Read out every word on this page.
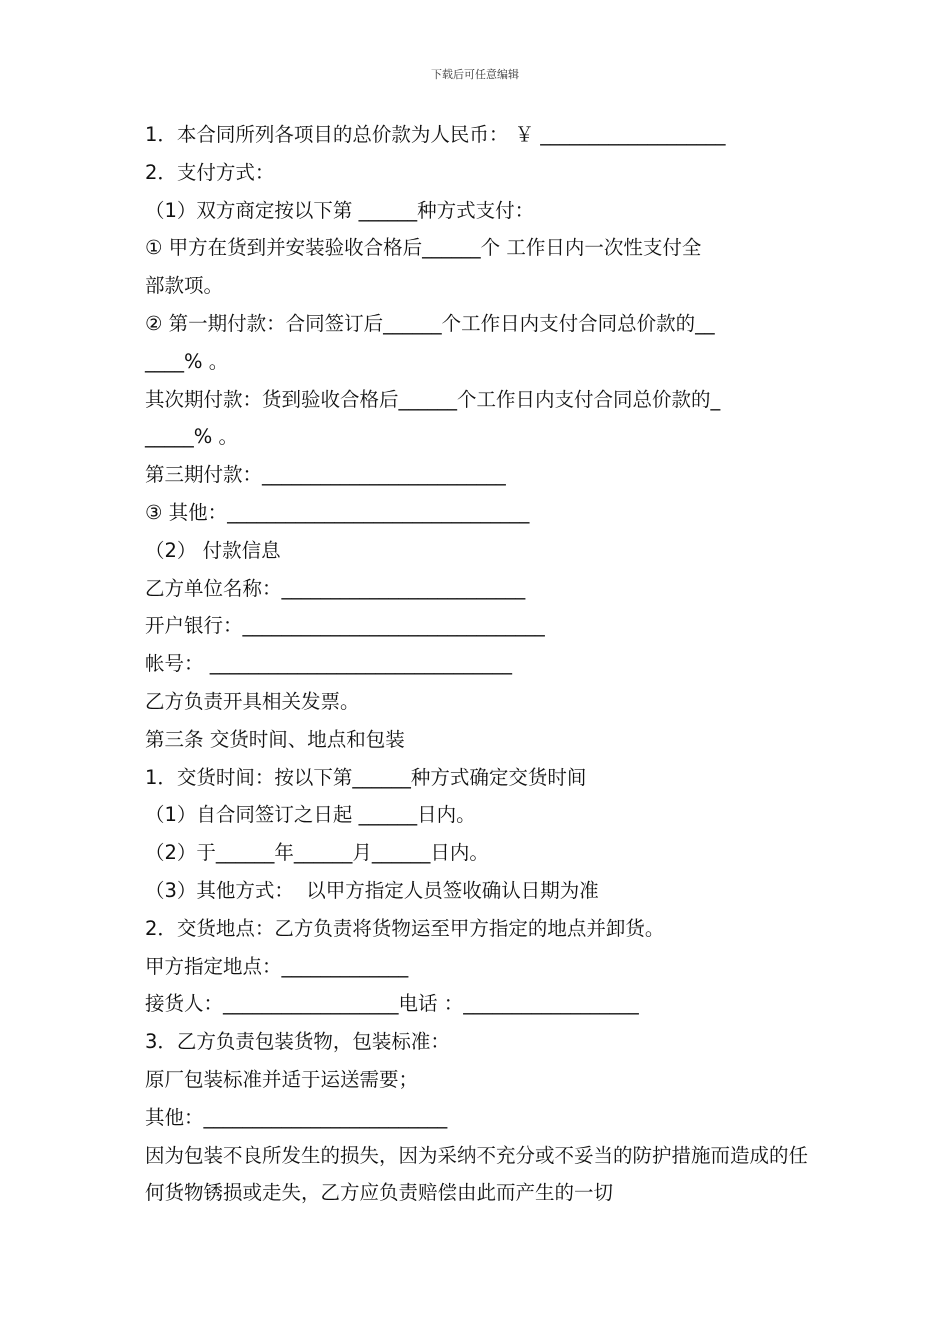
下载后可任意编辑
1．本合同所列各项目的总价款为人民币： ￥ ___________________
2．支付方式：
（1）双方商定按以下第 ______种方式支付：
① 甲方在货到并安装验收合格后______个 工作日内一次性支付全
部款项。
② 第一期付款：合同签订后______个工作日内支付合同总价款的__
____% 。
其次期付款：货到验收合格后______个工作日内支付合同总价款的_
_____% 。
第三期付款：_________________________
③ 其他：_______________________________
（2） 付款信息
乙方单位名称：_________________________
开户银行：_______________________________
帐号： _______________________________
乙方负责开具相关发票。
第三条 交货时间、地点和包装
1．交货时间：按以下第______种方式确定交货时间
（1）自合同签订之日起 ______日内。
（2）于______年______月______日内。
（3）其他方式：  以甲方指定人员签收确认日期为准
2．交货地点：乙方负责将货物运至甲方指定的地点并卸货。
甲方指定地点：_____________
接货人：__________________电话 ：__________________
3．乙方负责包装货物，包装标准：
原厂包装标准并适于运送需要；
其他：_________________________

因为包装不良所发生的损失，因为采纳不充分或不妥当的防护措施而造成的任何货物锈损或走失，乙方应负责赔偿由此而产生的一切
